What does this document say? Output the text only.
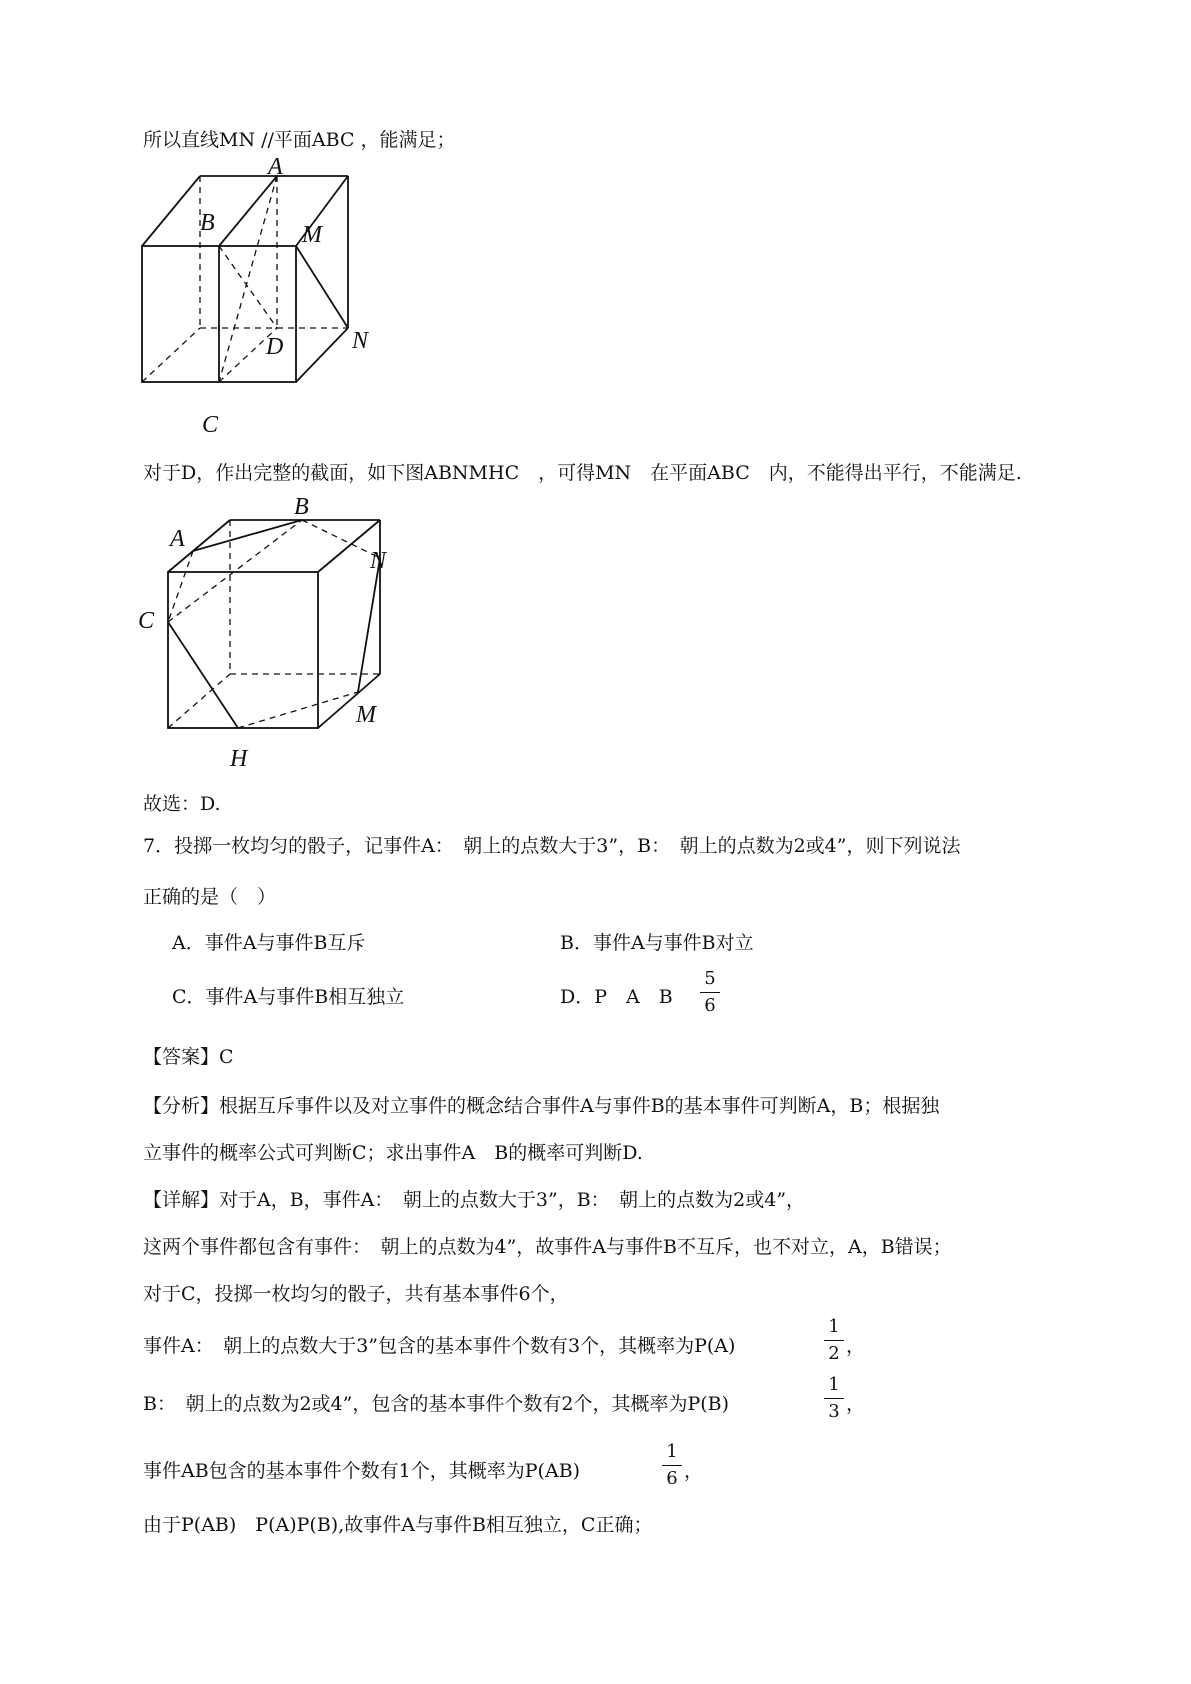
所以直线MN //平面ABC ，能满足；
A
B	M
D	N
C
对于D，作出完整的截面，如下图ABNMHC　，可得MN　在平面ABC　内，不能得出平行，不能满足.
B
A
N
C
M
H
故选：D.
7．投掷一枚均匀的骰子，记事件A：　朝上的点数大于3”，B：　朝上的点数为2或4”，则下列说法
正确的是（　）
A．事件A与事件B互斥	B．事件A与事件B对立
C．事件A与事件B相互独立	D．P　A　B
5
6
【答案】C
【分析】根据互斥事件以及对立事件的概念结合事件A与事件B的基本事件可判断A，B；根据独
立事件的概率公式可判断C；求出事件A　B的概率可判断D.
【详解】对于A，B，事件A：　朝上的点数大于3”，B：　朝上的点数为2或4”，
这两个事件都包含有事件：　朝上的点数为4”，故事件A与事件B不互斥，也不对立，A，B错误；
对于C，投掷一枚均匀的骰子，共有基本事件6个，
事件A：　朝上的点数大于3”包含的基本事件个数有3个，其概率为P(A)
1
2 ，
B：　朝上的点数为2或4”，包含的基本事件个数有2个，其概率为P(B)
1
3 ，
事件AB包含的基本事件个数有1个，其概率为P(AB)
1
6 ，
由于P(AB)　P(A)P(B),故事件A与事件B相互独立，C正确；
